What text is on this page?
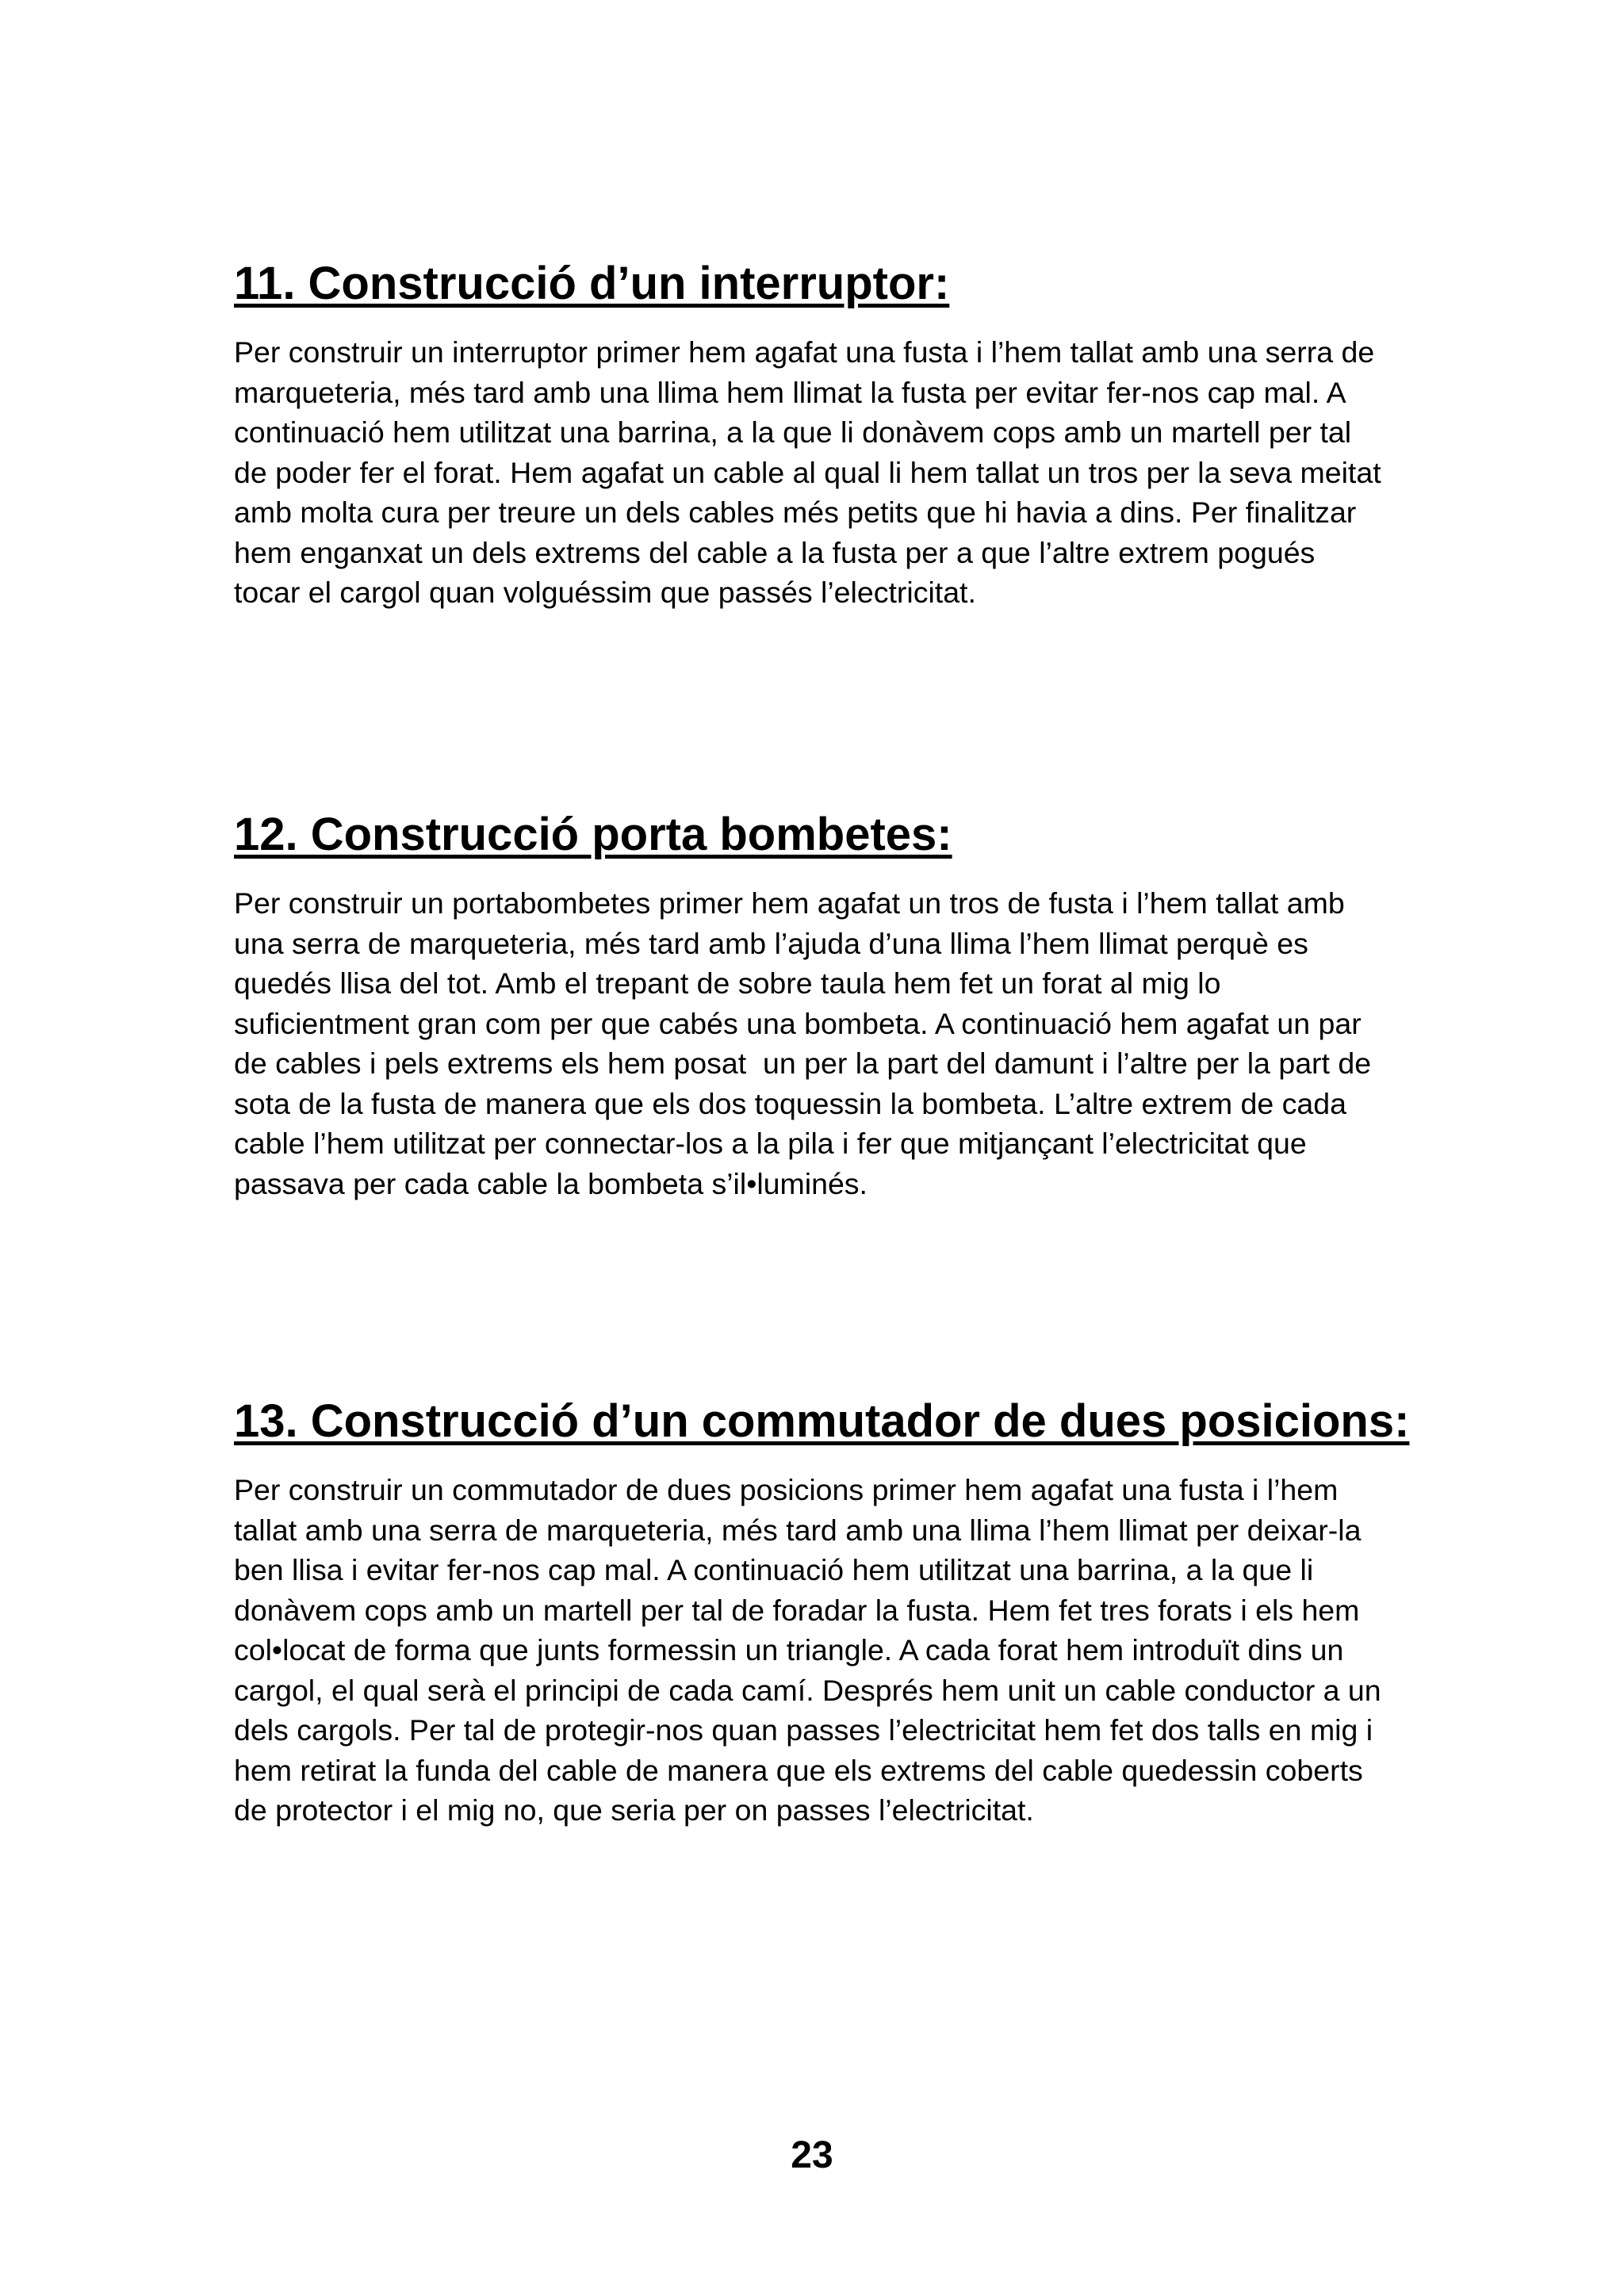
11. Construcció d’un interruptor:
Per construir un interruptor primer hem agafat una fusta i l’hem tallat amb una serra de
marqueteria, més tard amb una llima hem llimat la fusta per evitar fer-nos cap mal. A
continuació hem utilitzat una barrina, a la que li donàvem cops amb un martell per tal
de poder fer el forat. Hem agafat un cable al qual li hem tallat un tros per la seva meitat
amb molta cura per treure un dels cables més petits que hi havia a dins. Per finalitzar
hem enganxat un dels extrems del cable a la fusta per a que l’altre extrem pogués
tocar el cargol quan volguéssim que passés l’electricitat.
12. Construcció porta bombetes:
Per construir un portabombetes primer hem agafat un tros de fusta i l’hem tallat amb
una serra de marqueteria, més tard amb l’ajuda d’una llima l’hem llimat perquè es
quedés llisa del tot. Amb el trepant de sobre taula hem fet un forat al mig lo
suficientment gran com per que cabés una bombeta. A continuació hem agafat un par
de cables i pels extrems els hem posat  un per la part del damunt i l’altre per la part de
sota de la fusta de manera que els dos toquessin la bombeta. L’altre extrem de cada
cable l’hem utilitzat per connectar-los a la pila i fer que mitjançant l’electricitat que
passava per cada cable la bombeta s’il•luminés.
13. Construcció d’un commutador de dues posicions:
Per construir un commutador de dues posicions primer hem agafat una fusta i l’hem
tallat amb una serra de marqueteria, més tard amb una llima l’hem llimat per deixar-la
ben llisa i evitar fer-nos cap mal. A continuació hem utilitzat una barrina, a la que li
donàvem cops amb un martell per tal de foradar la fusta. Hem fet tres forats i els hem
col•locat de forma que junts formessin un triangle. A cada forat hem introduït dins un
cargol, el qual serà el principi de cada camí. Després hem unit un cable conductor a un
dels cargols. Per tal de protegir-nos quan passes l’electricitat hem fet dos talls en mig i
hem retirat la funda del cable de manera que els extrems del cable quedessin coberts
de protector i el mig no, que seria per on passes l’electricitat.
23
